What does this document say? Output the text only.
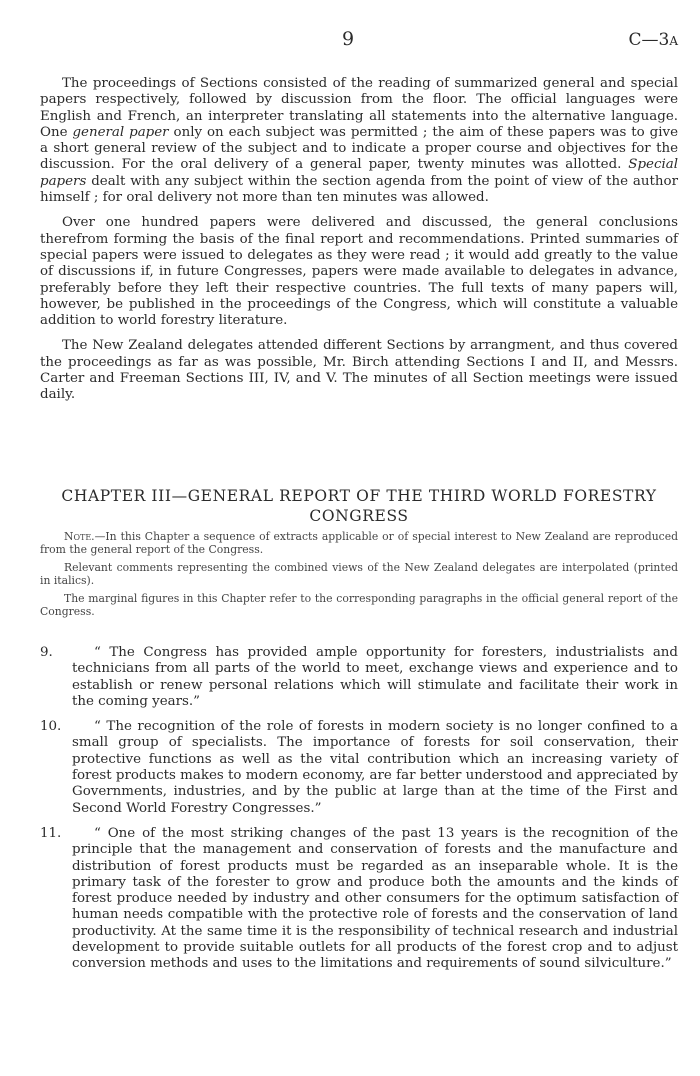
9	C—3A

The proceedings of Sections consisted of the reading of summarized general and special papers respectively, followed by discussion from the floor. The official languages were English and French, an interpreter translating all statements into the alternative language. One general paper only on each subject was permitted ; the aim of these papers was to give a short general review of the subject and to indicate a proper course and objectives for the discussion. For the oral delivery of a general paper, twenty minutes was allotted. Special papers dealt with any subject within the section agenda from the point of view of the author himself ; for oral delivery not more than ten minutes was allowed.

Over one hundred papers were delivered and discussed, the general conclusions therefrom forming the basis of the final report and recommendations. Printed summaries of special papers were issued to delegates as they were read ; it would add greatly to the value of discussions if, in future Congresses, papers were made available to delegates in advance, preferably before they left their respective countries. The full texts of many papers will, however, be published in the proceedings of the Congress, which will constitute a valuable addition to world forestry literature.

The New Zealand delegates attended different Sections by arrangment, and thus covered the proceedings as far as was possible, Mr. Birch attending Sections I and II, and Messrs. Carter and Freeman Sections III, IV, and V. The minutes of all Section meetings were issued daily.

CHAPTER III—GENERAL REPORT OF THE THIRD WORLD FORESTRY
CONGRESS

Note.—In this Chapter a sequence of extracts applicable or of special interest to New Zealand are reproduced from the general report of the Congress.

Relevant comments representing the combined views of the New Zealand delegates are interpolated (printed in italics).

The marginal figures in this Chapter refer to the corresponding paragraphs in the official general report of the Congress.

9.	“ The Congress has provided ample opportunity for foresters, industrialists and technicians from all parts of the world to meet, exchange views and experience and to establish or renew personal relations which will stimulate and facilitate their work in the coming years.”
10.	“ The recognition of the role of forests in modern society is no longer confined to a small group of specialists. The importance of forests for soil conservation, their protective functions as well as the vital contribution which an increasing variety of forest products makes to modern economy, are far better understood and appreciated by Governments, industries, and by the public at large than at the time of the First and Second World Forestry Congresses.”
11.	“ One of the most striking changes of the past 13 years is the recognition of the principle that the management and conservation of forests and the manufacture and distribution of forest products must be regarded as an inseparable whole. It is the primary task of the forester to grow and produce both the amounts and the kinds of forest produce needed by industry and other consumers for the optimum satisfaction of human needs compatible with the protective role of forests and the conservation of land productivity. At the same time it is the responsibility of technical research and industrial development to provide suitable outlets for all products of the forest crop and to adjust conversion methods and uses to the limitations and requirements of sound silviculture.”
